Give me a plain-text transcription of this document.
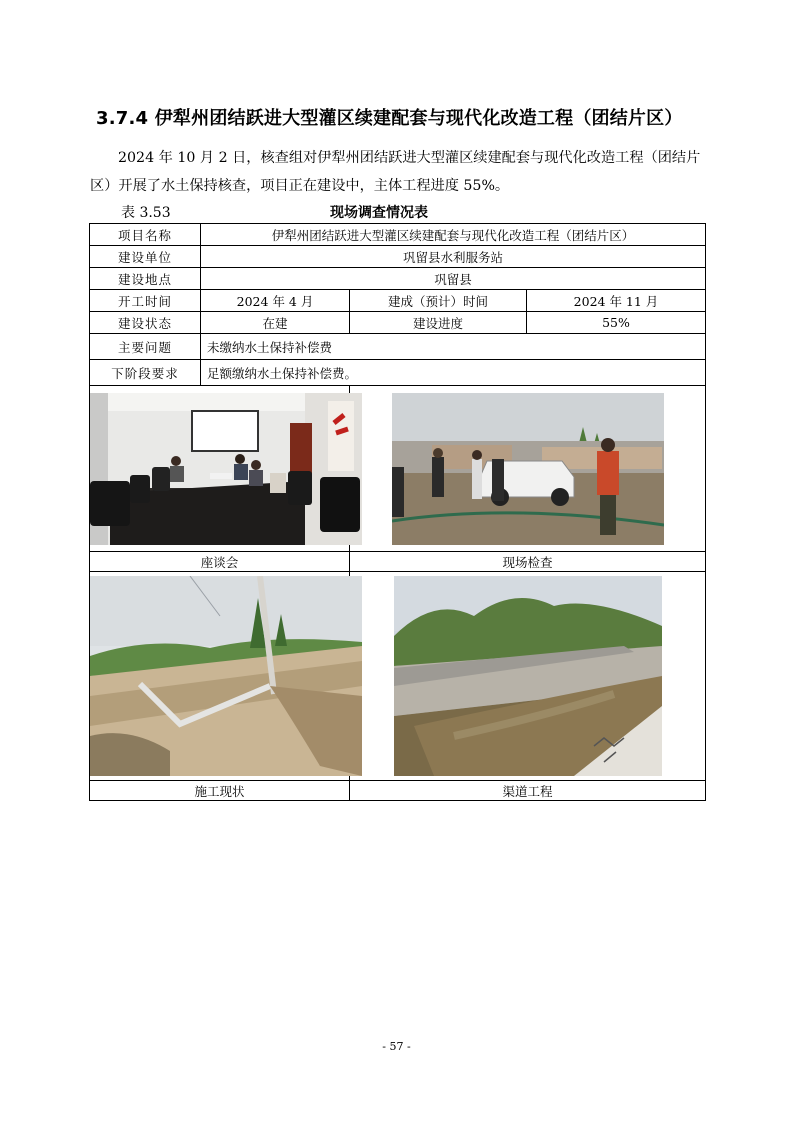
3.7.4 伊犁州团结跃进大型灌区续建配套与现代化改造工程（团结片区）

2024 年 10 月 2 日，核查组对伊犁州团结跃进大型灌区续建配套与现代化改造工程（团结片区）开展了水土保持核查，项目正在建设中，主体工程进度 55%。

表 3.53	现场调查情况表
项目名称	伊犁州团结跃进大型灌区续建配套与现代化改造工程（团结片区）		
建设单位	巩留县水利服务站		
建设地点	巩留县		
开工时间	2024 年 4 月	建成（预计）时间	2024 年 11 月
建设状态	在建	建设进度	55%
主要问题	未缴纳水土保持补偿费		
下阶段要求	足额缴纳水土保持补偿费。		

座谈会		现场检查	

施工现状		渠道工程	
- 57 -
